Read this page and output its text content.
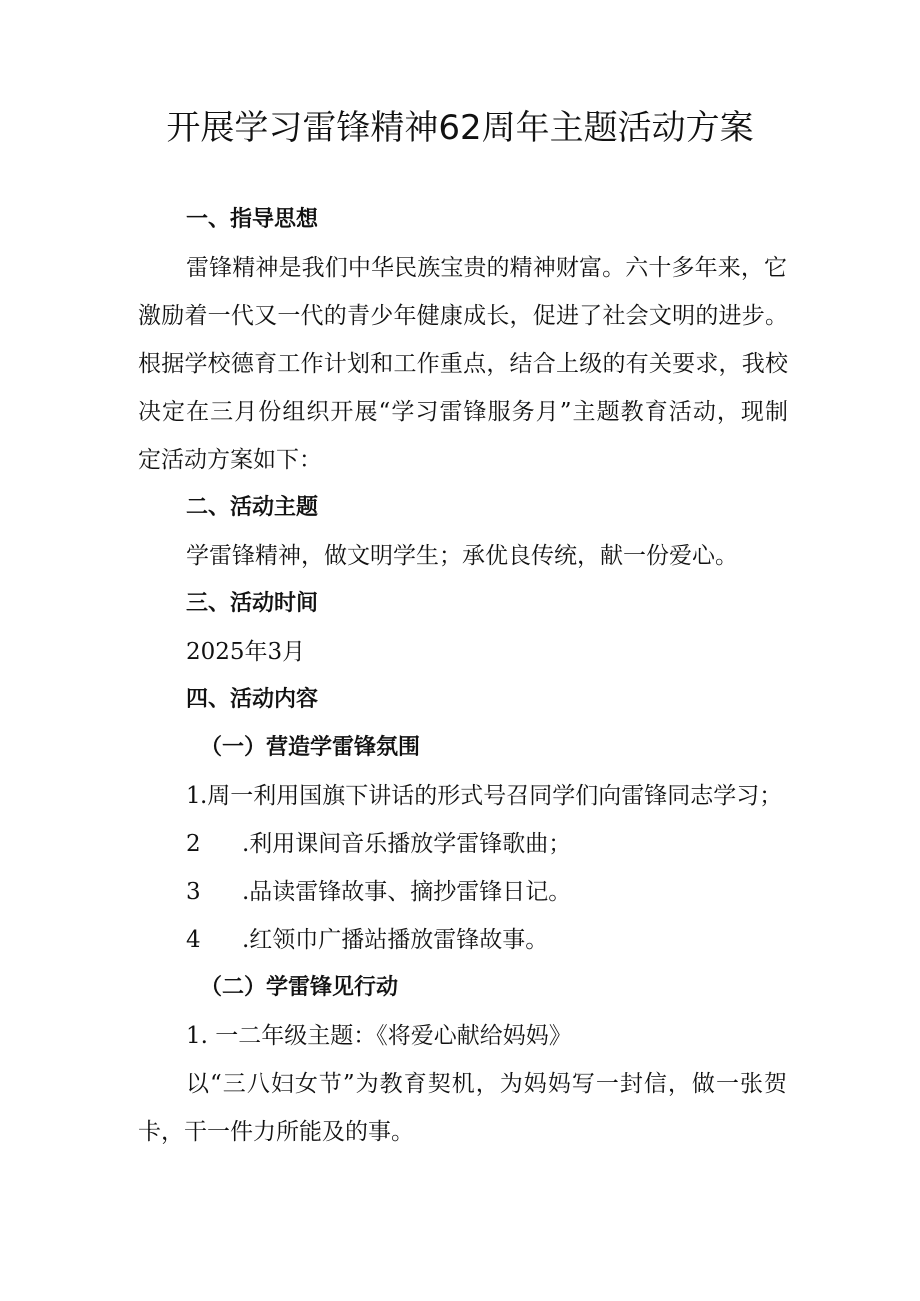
开展学习雷锋精神62周年主题活动方案
一、指导思想
雷锋精神是我们中华民族宝贵的精神财富。六十多年来，它
激励着一代又一代的青少年健康成长，促进了社会文明的进步。
根据学校德育工作计划和工作重点，结合上级的有关要求，我校
决定在三月份组织开展“学习雷锋服务月”主题教育活动，现制
定活动方案如下：
二、活动主题
学雷锋精神，做文明学生；承优良传统，献一份爱心。
三、活动时间
2025年3月
四、活动内容
（一）营造学雷锋氛围
1.周一利用国旗下讲话的形式号召同学们向雷锋同志学习；
2 .利用课间音乐播放学雷锋歌曲；
3 .品读雷锋故事、摘抄雷锋日记。
4 .红领巾广播站播放雷锋故事。
（二）学雷锋见行动
1. 一二年级主题：《将爱心献给妈妈》
以“三八妇女节”为教育契机，为妈妈写一封信，做一张贺
卡，干一件力所能及的事。
